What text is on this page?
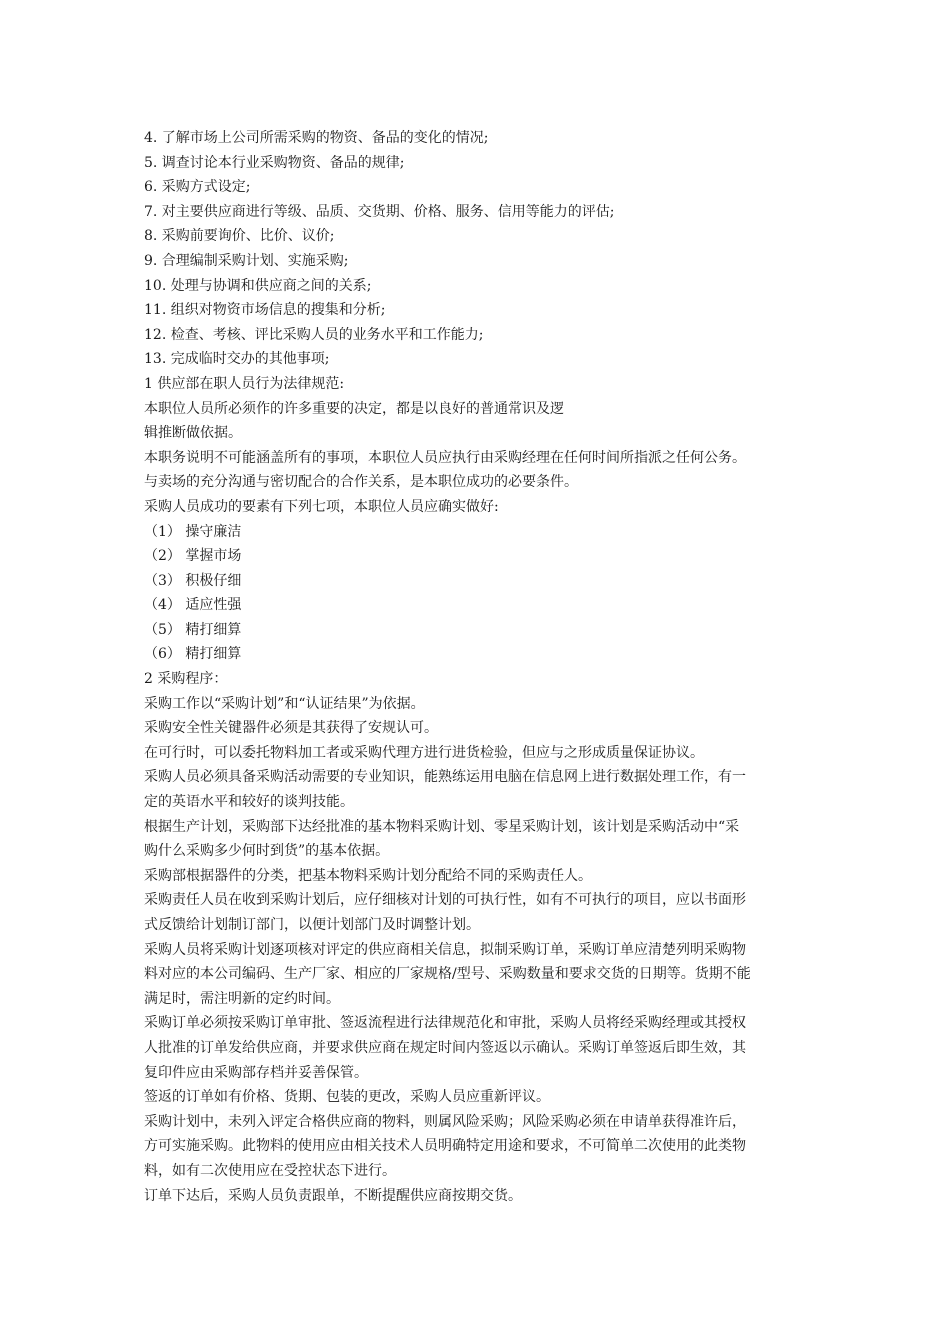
4. 了解市场上公司所需采购的物资、备品的变化的情况;
5. 调查讨论本行业采购物资、备品的规律;
6. 采购方式设定;
7. 对主要供应商进行等级、品质、交货期、价格、服务、信用等能力的评估;
8. 采购前要询价、比价、议价;
9. 合理编制采购计划、实施采购;
10. 处理与协调和供应商之间的关系;
11. 组织对物资市场信息的搜集和分析;
12. 检查、考核、评比采购人员的业务水平和工作能力;
13. 完成临时交办的其他事项;
1 供应部在职人员行为法律规范:
本职位人员所必须作的许多重要的决定，都是以良好的普通常识及逻
辑推断做依据。
本职务说明不可能涵盖所有的事项，本职位人员应执行由采购经理在任何时间所指派之任何公务。
与卖场的充分沟通与密切配合的合作关系，是本职位成功的必要条件。
采购人员成功的要素有下列七项，本职位人员应确实做好:
（1） 操守廉洁
（2） 掌握市场
（3） 积极仔细
（4） 适应性强
（5） 精打细算
（6） 精打细算
2 采购程序：
采购工作以“采购计划”和“认证结果”为依据。
采购安全性关键器件必须是其获得了安规认可。
在可行时，可以委托物料加工者或采购代理方进行进货检验，但应与之形成质量保证协议。
采购人员必须具备采购活动需要的专业知识，能熟练运用电脑在信息网上进行数据处理工作，有一
定的英语水平和较好的谈判技能。
根据生产计划，采购部下达经批准的基本物料采购计划、零星采购计划，该计划是采购活动中“采
购什么采购多少何时到货”的基本依据。
采购部根据器件的分类，把基本物料采购计划分配给不同的采购责任人。
采购责任人员在收到采购计划后，应仔细核对计划的可执行性，如有不可执行的项目，应以书面形
式反馈给计划制订部门，以便计划部门及时调整计划。
采购人员将采购计划逐项核对评定的供应商相关信息，拟制采购订单，采购订单应清楚列明采购物
料对应的本公司编码、生产厂家、相应的厂家规格/型号、采购数量和要求交货的日期等。货期不能
满足时，需注明新的定约时间。
采购订单必须按采购订单审批、签返流程进行法律规范化和审批，采购人员将经采购经理或其授权
人批准的订单发给供应商，并要求供应商在规定时间内签返以示确认。采购订单签返后即生效，其
复印件应由采购部存档并妥善保管。
签返的订单如有价格、货期、包装的更改，采购人员应重新评议。
采购计划中，未列入评定合格供应商的物料，则属风险采购；风险采购必须在申请单获得准许后，
方可实施采购。此物料的使用应由相关技术人员明确特定用途和要求，不可简单二次使用的此类物
料，如有二次使用应在受控状态下进行。
订单下达后，采购人员负责跟单，不断提醒供应商按期交货。
